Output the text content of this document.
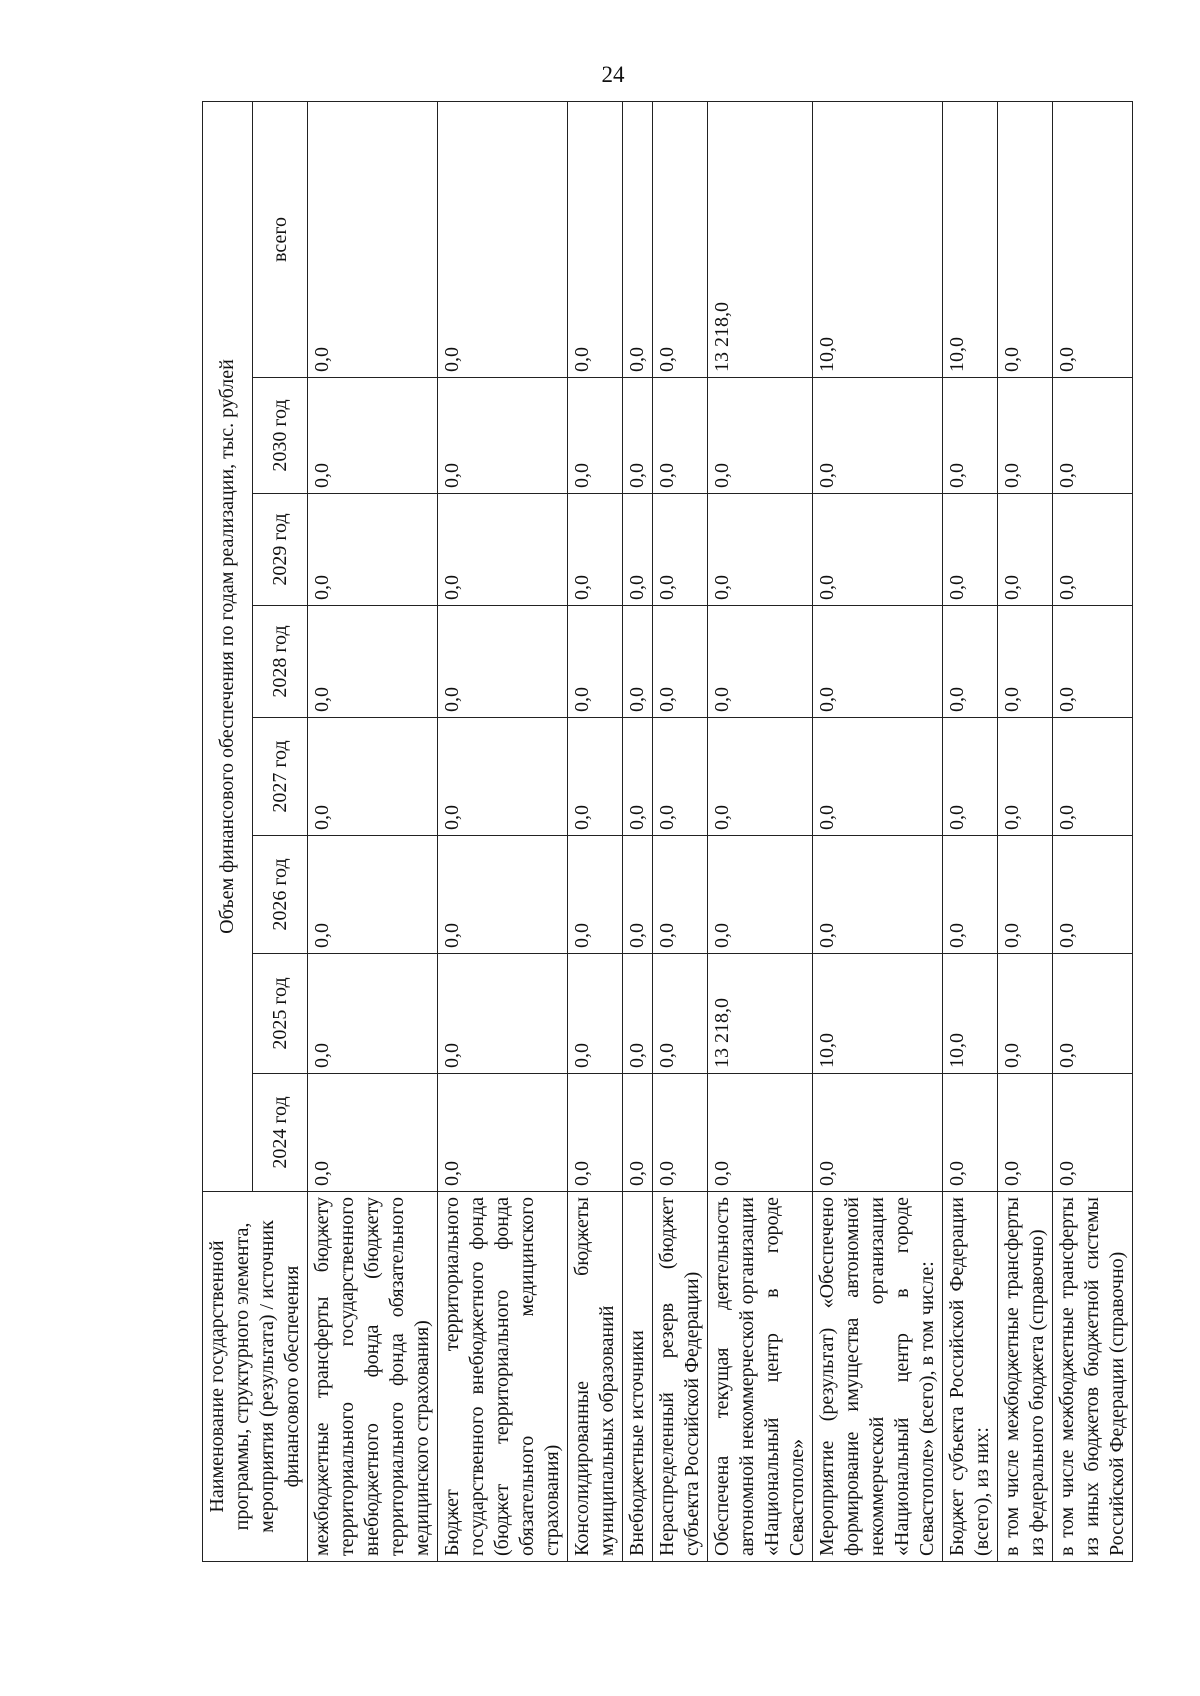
24
Наименование государственной программы, структурного элемента, мероприятия (результата) / источник финансового обеспечения	Объем финансового обеспечения по годам реализации, тыс. рублей							
	2024 год	2025 год	2026 год	2027 год	2028 год	2029 год	2030 год	всего
межбюджетные трансферты бюджету территориального государственного внебюджетного фонда (бюджету территориального фонда обязательного медицинского страхования)	0,0	0,0	0,0	0,0	0,0	0,0	0,0	0,0
Бюджет территориального государственного внебюджетного фонда (бюджет территориального фонда обязательного медицинского страхования)	0,0	0,0	0,0	0,0	0,0	0,0	0,0	0,0
Консолидированные бюджеты муниципальных образований	0,0	0,0	0,0	0,0	0,0	0,0	0,0	0,0
Внебюджетные источники	0,0	0,0	0,0	0,0	0,0	0,0	0,0	0,0
Нераспределенный резерв (бюджет субъекта Российской Федерации)	0,0	0,0	0,0	0,0	0,0	0,0	0,0	0,0
Обеспечена текущая деятельность автономной некоммерческой организации «Национальный центр в городе Севастополе»	0,0	13 218,0	0,0	0,0	0,0	0,0	0,0	13 218,0
Мероприятие (результат) «Обеспечено формирование имущества автономной некоммерческой организации «Национальный центр в городе Севастополе» (всего), в том числе:	0,0	10,0	0,0	0,0	0,0	0,0	0,0	10,0
Бюджет субъекта Российской Федерации (всего), из них:	0,0	10,0	0,0	0,0	0,0	0,0	0,0	10,0
в том числе межбюджетные трансферты из федерального бюджета (справочно)	0,0	0,0	0,0	0,0	0,0	0,0	0,0	0,0
в том числе межбюджетные трансферты из иных бюджетов бюджетной системы Российской Федерации (справочно)	0,0	0,0	0,0	0,0	0,0	0,0	0,0	0,0
